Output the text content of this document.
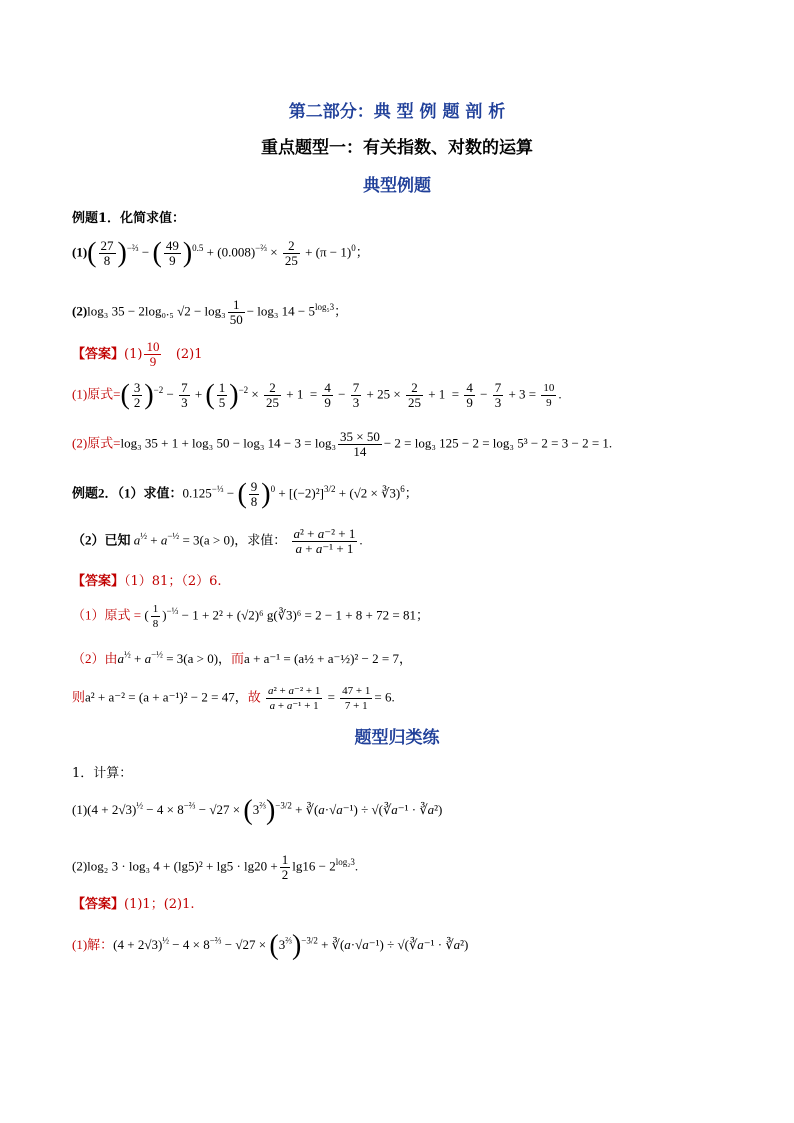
第二部分：典 型 例 题 剖 析
重点题型一：有关指数、对数的运算
典型例题
例题1．化简求值：
$(1)( \frac{27}{8} )^{-\frac{2}{3}}$ − ( $\frac{49}{9} )^{0.5} + (0.008)^{-\frac{2}{3}} \times \frac{2}{25} + (\pi - 1)^0$；
(2)log₃ 35 − 2log₀.₅ $√2 - \log_3 \frac{1}{50} - \log_3$ $14 - 5^{log_53}$；
【答案】$(1) \frac{10}{9} (2)1$
(1)原式=( $\frac{3}{2} )^{-2} - \frac{7}{3}$ + ( $\frac{1}{5} )^{-2} \times \frac{2}{25} + 1 = \frac{4}{9} - \frac{7}{3} + 25 \times \frac{2}{25} + 1 = \frac{4}{9} - \frac{7}{3} + 3 = \frac{10}{9}$ .
(2)原式=log₃ 35 + 1 + log₃ 50 − log₃ $14 - 3 = \log_3 \frac{35 \times 50}{14} - 2 = \log_3$ 125 − 2 = log₃ 5³ − 2 = 3 − 2 = 1.
例题2．（1）求值：$0.125^{-\frac{1}{3}}$ − ( $\frac{9}{8} )^0 + [(-2)^2]^{3/2} + (√2$ × ∛3)$^6$；
（2）已知 $a^{\frac{1}{2}} + a^{-\frac{1}{2}} = 3(a > 0)$，求值： $\frac{\text{a² + a⁻² + 1}}{\text{a + a⁻¹ + 1}}$ .
【答案】（1）81；（2）6.
（1）原式 = ( $\frac{1}{8} )^{-\frac{1}{3}} - 1 + 2^2 + (√2)^6$ g(∛3)⁶ = 2 − 1 + 8 + 72 = 81；
（2）由$a^{\frac{1}{2}} + a^{-\frac{1}{2}} = 3(a > 0)$，而a + a⁻¹ = (a½ + a⁻½)² − 2 = 7，
则a² + a⁻² = (a + a⁻¹)² − 2 = 47，故 $\frac{\text{a² + a⁻² + 1}}{\text{a + a⁻¹ + 1}} = \frac{47 + 1}{7 + 1} = 6$.
题型归类练
1．计算：
$(1)(4 + 2√3)^{\frac{1}{2}} - 4 \times 8^{-\frac{2}{3}} - √27 \times (3^{\frac{2}{3}})^{-3/2}$ + ∛(a·√a⁻¹) ÷ √(∛a⁻¹ · ∛a²)
(2)log₂ 3 · log₃ $4 + (\lg 5)^2 + \lg 5 \cdot \lg 20 + \frac{1}{2} \lg 16 - 2^{log_23}$.
【答案】(1)1；(2)1.
(1)解：$(4 + 2√3)^{\frac{1}{2}} - 4 \times 8^{-\frac{2}{3}} - √27 \times (3^{\frac{2}{3}})^{-3/2}$ + ∛(a·√a⁻¹) ÷ √(∛a⁻¹ · ∛a²)
